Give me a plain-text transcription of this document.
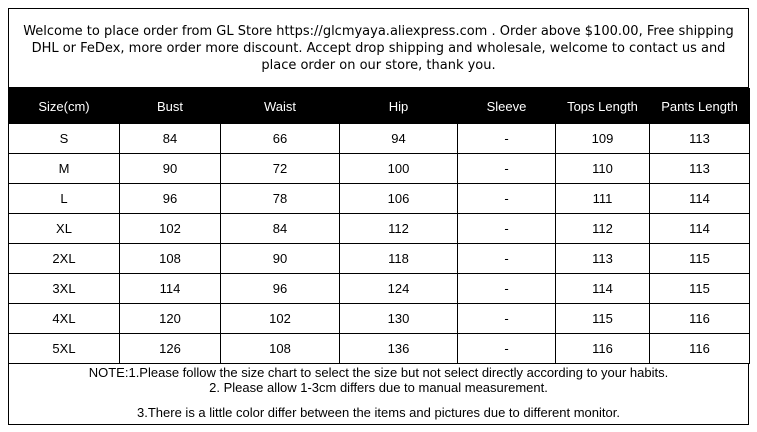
Welcome to place order from GL Store https://glcmyaya.aliexpress.com . Order above $100.00, Free shipping DHL or FeDex, more order more discount. Accept drop shipping and wholesale, welcome to contact us and place order on our store, thank you.
Size(cm)	Bust	Waist	Hip	Sleeve	Tops Length	Pants Length
S	84	66	94	-	109	113
M	90	72	100	-	110	113
L	96	78	106	-	111	114
XL	102	84	112	-	112	114
2XL	108	90	118	-	113	115
3XL	114	96	124	-	114	115
4XL	120	102	130	-	115	116
5XL	126	108	136	-	116	116
NOTE:1.Please follow the size chart to select the size but not select directly according to your habits.
2. Please allow 1-3cm differs due to manual measurement.
3.There is a little color differ between the items and pictures due to different monitor.
